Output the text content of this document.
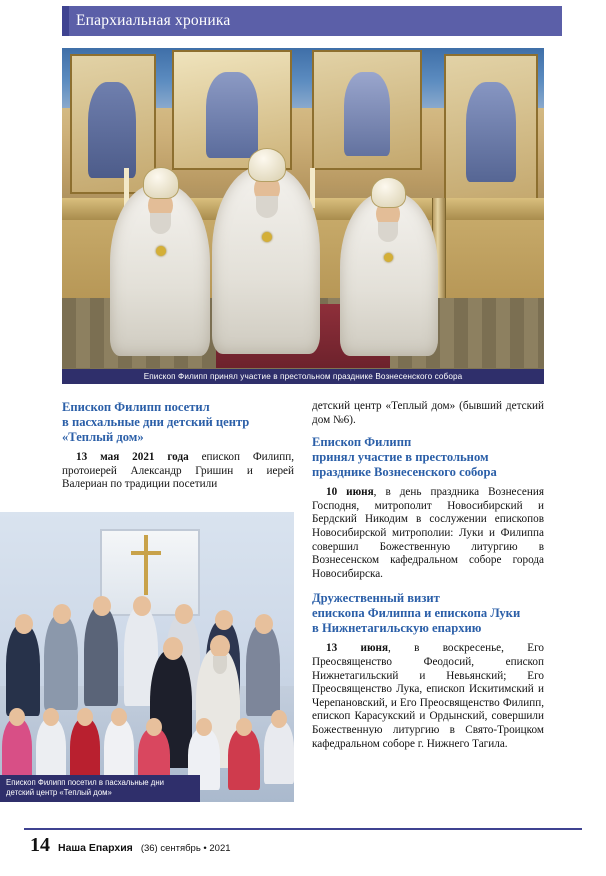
Епархиальная хроника
Епископ Филипп принял участие в престольном празднике Вознесенского собора
Епископ Филипп посетил
в пасхальные дни детский центр
«Теплый дом»

13 мая 2021 года епископ Филипп, протоиерей Александр Гришин и иерей Валериан по традиции посетили

детский центр «Теплый дом» (бывший детский дом №6).

Епископ Филипп
принял участие в престольном
празднике Вознесенского собора

10 июня, в день праздника Вознесения Господня, митрополит Новосибирский и Бердский Никодим в сослужении епископов Новосибирской митрополии: Луки и Филиппа совершил Божественную литургию в Вознесенском кафедральном соборе города Новосибирска.

Дружественный визит
епископа Филиппа и епископа Луки
в Нижнетагильскую епархию

13 июня, в воскресенье, Его Преосвященство Феодосий, епископ Нижнетагильский и Невьянский; Его Преосвященство Лука, епископ Искитимский и Черепановский, и Его Преосвященство Филипп, епископ Карасукский и Ордынский, совершили Божественную литургию в Свято-Троицком кафедральном соборе г. Нижнего Тагила.

Епископ Филипп посетил в пасхальные дни детский центр «Теплый дом»
14 Наша Епархия (36) сентябрь • 2021
